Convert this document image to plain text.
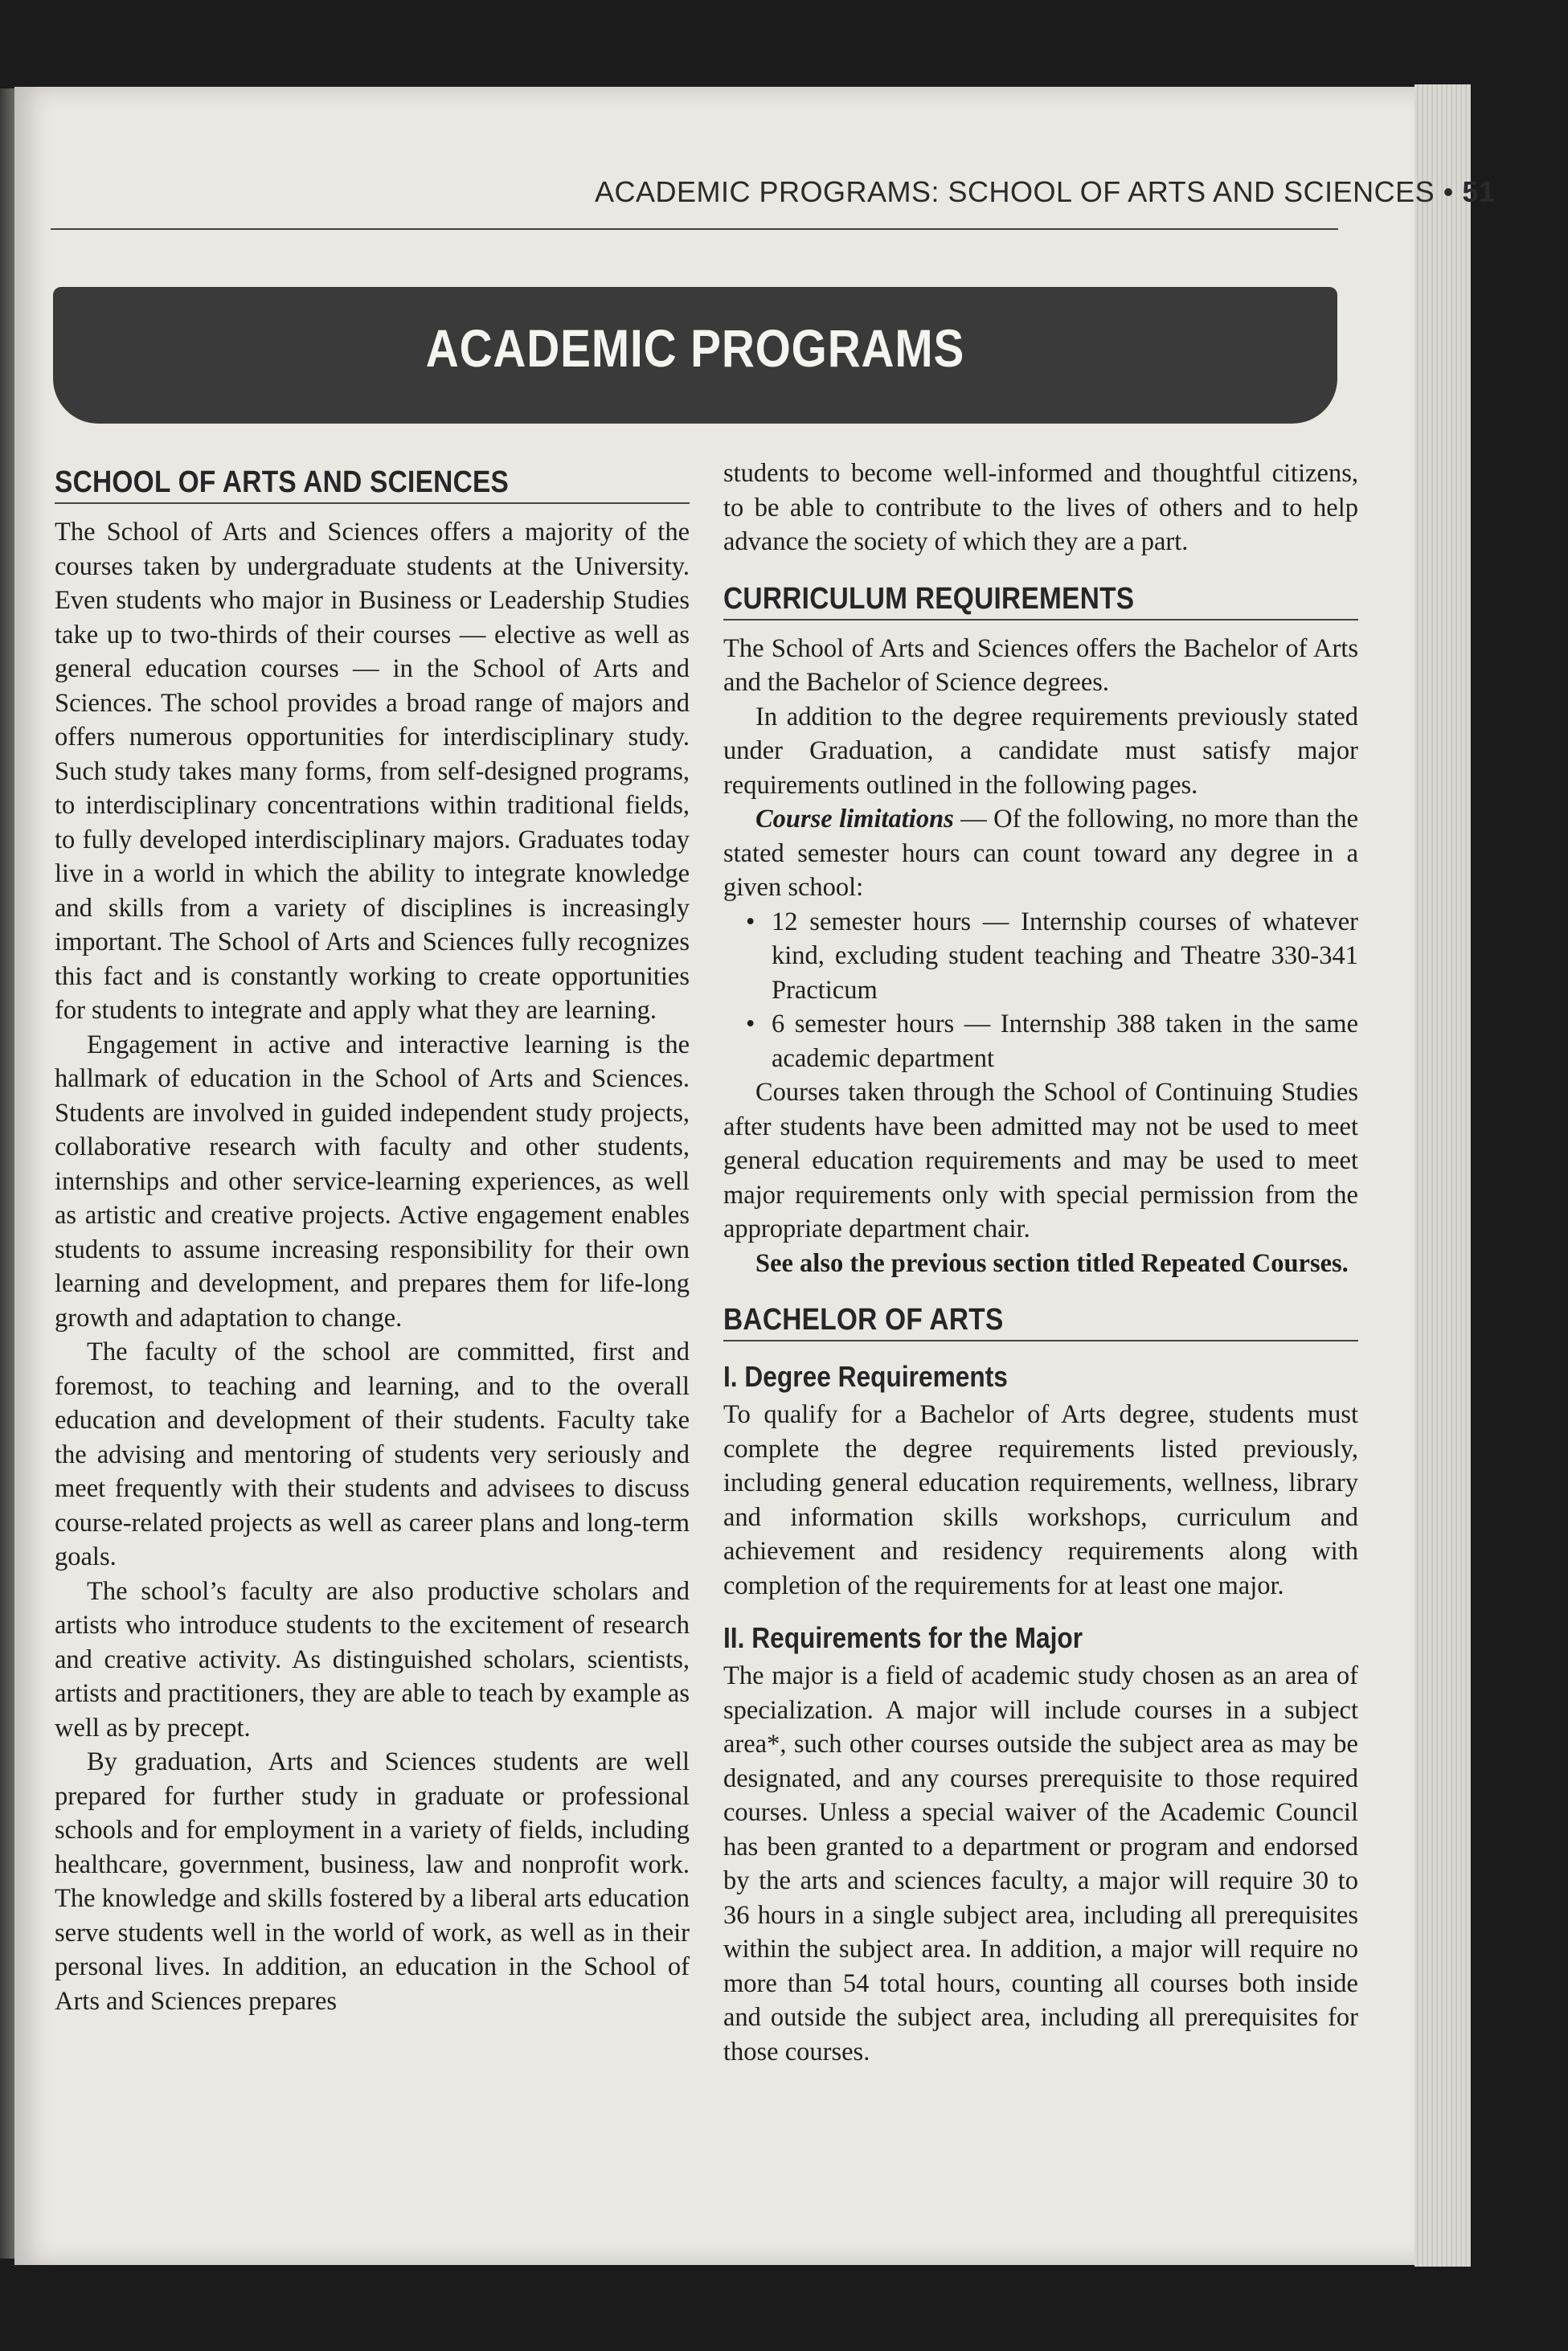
ACADEMIC PROGRAMS: SCHOOL OF ARTS AND SCIENCES • 51
ACADEMIC PROGRAMS
SCHOOL OF ARTS AND SCIENCES

The School of Arts and Sciences offers a majority of the courses taken by undergraduate students at the University. Even students who major in Business or Leadership Studies take up to two-thirds of their courses — elective as well as general education courses — in the School of Arts and Sciences. The school provides a broad range of majors and offers numerous opportunities for interdisciplinary study. Such study takes many forms, from self-designed programs, to interdisciplinary concentrations within traditional fields, to fully developed interdisciplinary majors. Graduates today live in a world in which the ability to integrate knowledge and skills from a variety of disciplines is increasingly important. The School of Arts and Sciences fully recognizes this fact and is constantly working to create opportunities for students to integrate and apply what they are learning.

Engagement in active and interactive learning is the hallmark of education in the School of Arts and Sciences. Students are involved in guided independent study projects, collaborative research with faculty and other students, internships and other service-learning experiences, as well as artistic and creative projects. Active engagement enables students to assume increasing responsibility for their own learning and development, and prepares them for life-long growth and adaptation to change.

The faculty of the school are committed, first and foremost, to teaching and learning, and to the overall education and development of their students. Faculty take the advising and mentoring of students very seriously and meet frequently with their students and advisees to discuss course-related projects as well as career plans and long-term goals.

The school’s faculty are also productive scholars and artists who introduce students to the excitement of research and creative activity. As distinguished scholars, scientists, artists and practitioners, they are able to teach by example as well as by precept.

By graduation, Arts and Sciences students are well prepared for further study in graduate or professional schools and for employment in a variety of fields, including healthcare, government, business, law and nonprofit work. The knowledge and skills fostered by a liberal arts education serve students well in the world of work, as well as in their personal lives. In addition, an education in the School of Arts and Sciences prepares

students to become well-informed and thoughtful citizens, to be able to contribute to the lives of others and to help advance the society of which they are a part.

CURRICULUM REQUIREMENTS

The School of Arts and Sciences offers the Bachelor of Arts and the Bachelor of Science degrees.

In addition to the degree requirements previously stated under Graduation, a candidate must satisfy major requirements outlined in the following pages.

Course limitations — Of the following, no more than the stated semester hours can count toward any degree in a given school:

• 12 semester hours — Internship courses of whatever kind, excluding student teaching and Theatre 330-341 Practicum
• 6 semester hours — Internship 388 taken in the same academic department

Courses taken through the School of Continuing Studies after students have been admitted may not be used to meet general education requirements and may be used to meet major requirements only with special permission from the appropriate department chair.

See also the previous section titled Repeated Courses.

BACHELOR OF ARTS
I. Degree Requirements

To qualify for a Bachelor of Arts degree, students must complete the degree requirements listed previously, including general education requirements, wellness, library and information skills workshops, curriculum and achievement and residency requirements along with completion of the requirements for at least one major.

II. Requirements for the Major

The major is a field of academic study chosen as an area of specialization. A major will include courses in a subject area*, such other courses outside the subject area as may be designated, and any courses prerequisite to those required courses. Unless a special waiver of the Academic Council has been granted to a department or program and endorsed by the arts and sciences faculty, a major will require 30 to 36 hours in a single subject area, including all prerequisites within the subject area. In addition, a major will require no more than 54 total hours, counting all courses both inside and outside the subject area, including all prerequisites for those courses.
